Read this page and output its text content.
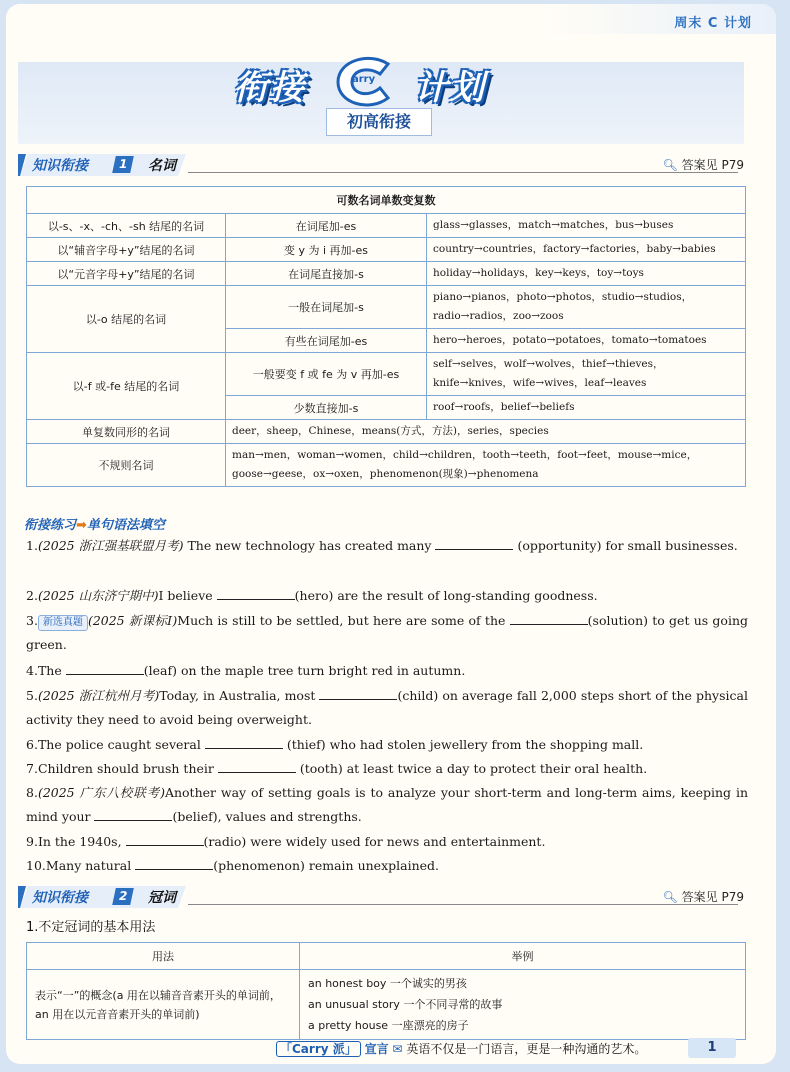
周末 C 计划
衔接	arry 计划
初高衔接
知识衔接	1	名词	🔍︎ 答案见 P79
可数名词单数变复数		
以-s、-x、-ch、-sh 结尾的名词	在词尾加-es	glass→glasses，match→matches，bus→buses
以“辅音字母+y”结尾的名词	变 y 为 i 再加-es	country→countries，factory→factories，baby→babies
以“元音字母+y”结尾的名词	在词尾直接加-s	holiday→holidays，key→keys，toy→toys
以-o 结尾的名词	一般在词尾加-s	piano→pianos，photo→photos，studio→studios，
radio→radios，zoo→zoos

	有些在词尾加-es	hero→heroes，potato→potatoes，tomato→tomatoes
以-f 或-fe 结尾的名词	一般要变 f 或 fe 为 v 再加-es	self→selves，wolf→wolves，thief→thieves，
knife→knives，wife→wives，leaf→leaves

	少数直接加-s	roof→roofs，belief→beliefs
单复数同形的名词	deer，sheep，Chinese，means(方式，方法)，series，species	
不规则名词	man→men，woman→women，child→children，tooth→teeth，foot→feet，mouse→mice，
goose→geese，ox→oxen，phenomenon(现象)→phenomena	
衔接练习➡单句语法填空
1.(2025 浙江强基联盟月考) The new technology has created many	(opportunity) for small businesses.
2.(2025 山东济宁期中)I believe	(hero) are the result of long-standing goodness.
3. 新选真题 (2025 新课标Ⅰ)Much is still to be settled, but here are some of the	(solution) to get us going green.
4.The	(leaf) on the maple tree turn bright red in autumn.
5.(2025 浙江杭州月考)Today, in Australia, most	(child) on average fall 2,000 steps short of the physical activity they need to avoid being overweight.
6.The police caught several	(thief) who had stolen jewellery from the shopping mall.
7.Children should brush their	(tooth) at least twice a day to protect their oral health.
8.(2025 广东八校联考)Another way of setting goals is to analyze your short-term and long-term aims, keeping in mind your	(belief), values and strengths.
9.In the 1940s,	(radio) were widely used for news and entertainment.
10.Many natural	(phenomenon) remain unexplained.
知识衔接	2	冠词	🔍︎ 答案见 P79
1.不定冠词的基本用法
用法	举例
表示“一”的概念(a 用在以辅音音素开头的单词前，an 用在以元音音素开头的单词前)	an honest boy 一个诚实的男孩
an unusual story 一个不同寻常的故事
a pretty house 一座漂亮的房子
「Carry 派」 宣言 ✉︎ 英语不仅是一门语言，更是一种沟通的艺术。	1
